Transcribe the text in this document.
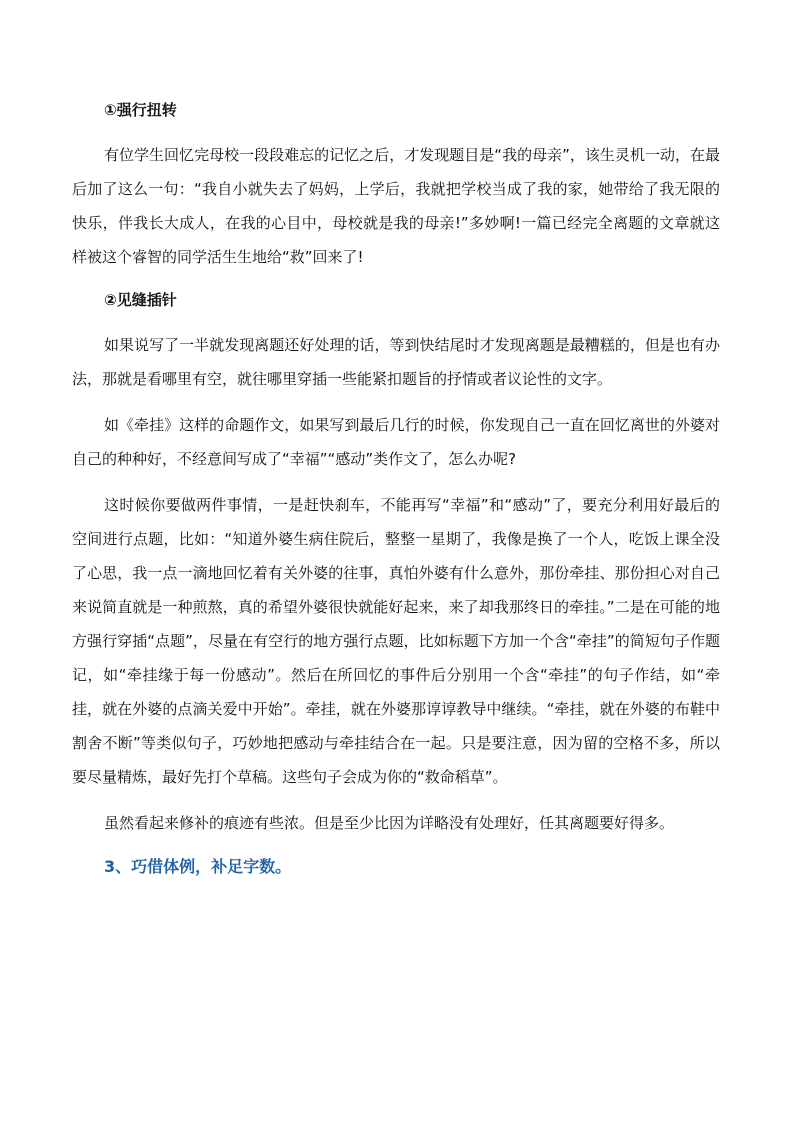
①强行扭转

有位学生回忆完母校一段段难忘的记忆之后，才发现题目是“我的母亲”，该生灵机一动，在最后加了这么一句：“我自小就失去了妈妈，上学后，我就把学校当成了我的家，她带给了我无限的快乐，伴我长大成人，在我的心目中，母校就是我的母亲!”多妙啊!一篇已经完全离题的文章就这样被这个睿智的同学活生生地给“救”回来了!

②见缝插针

如果说写了一半就发现离题还好处理的话，等到快结尾时才发现离题是最糟糕的，但是也有办法，那就是看哪里有空，就往哪里穿插一些能紧扣题旨的抒情或者议论性的文字。

如《牵挂》这样的命题作文，如果写到最后几行的时候，你发现自己一直在回忆离世的外婆对自己的种种好，不经意间写成了“幸福”“感动”类作文了，怎么办呢?

这时候你要做两件事情，一是赶快刹车，不能再写“幸福”和“感动”了，要充分利用好最后的空间进行点题，比如：“知道外婆生病住院后，整整一星期了，我像是换了一个人，吃饭上课全没了心思，我一点一滴地回忆着有关外婆的往事，真怕外婆有什么意外，那份牵挂、那份担心对自己来说简直就是一种煎熬，真的希望外婆很快就能好起来，来了却我那终日的牵挂。”二是在可能的地方强行穿插“点题”，尽量在有空行的地方强行点题，比如标题下方加一个含“牵挂”的简短句子作题记，如“牵挂缘于每一份感动”。然后在所回忆的事件后分别用一个含“牵挂”的句子作结，如“牵挂，就在外婆的点滴关爱中开始”。牵挂，就在外婆那谆谆教导中继续。“牵挂，就在外婆的布鞋中割舍不断”等类似句子，巧妙地把感动与牵挂结合在一起。只是要注意，因为留的空格不多，所以要尽量精炼，最好先打个草稿。这些句子会成为你的“救命稻草”。

虽然看起来修补的痕迹有些浓。但是至少比因为详略没有处理好，任其离题要好得多。

3、巧借体例，补足字数。
